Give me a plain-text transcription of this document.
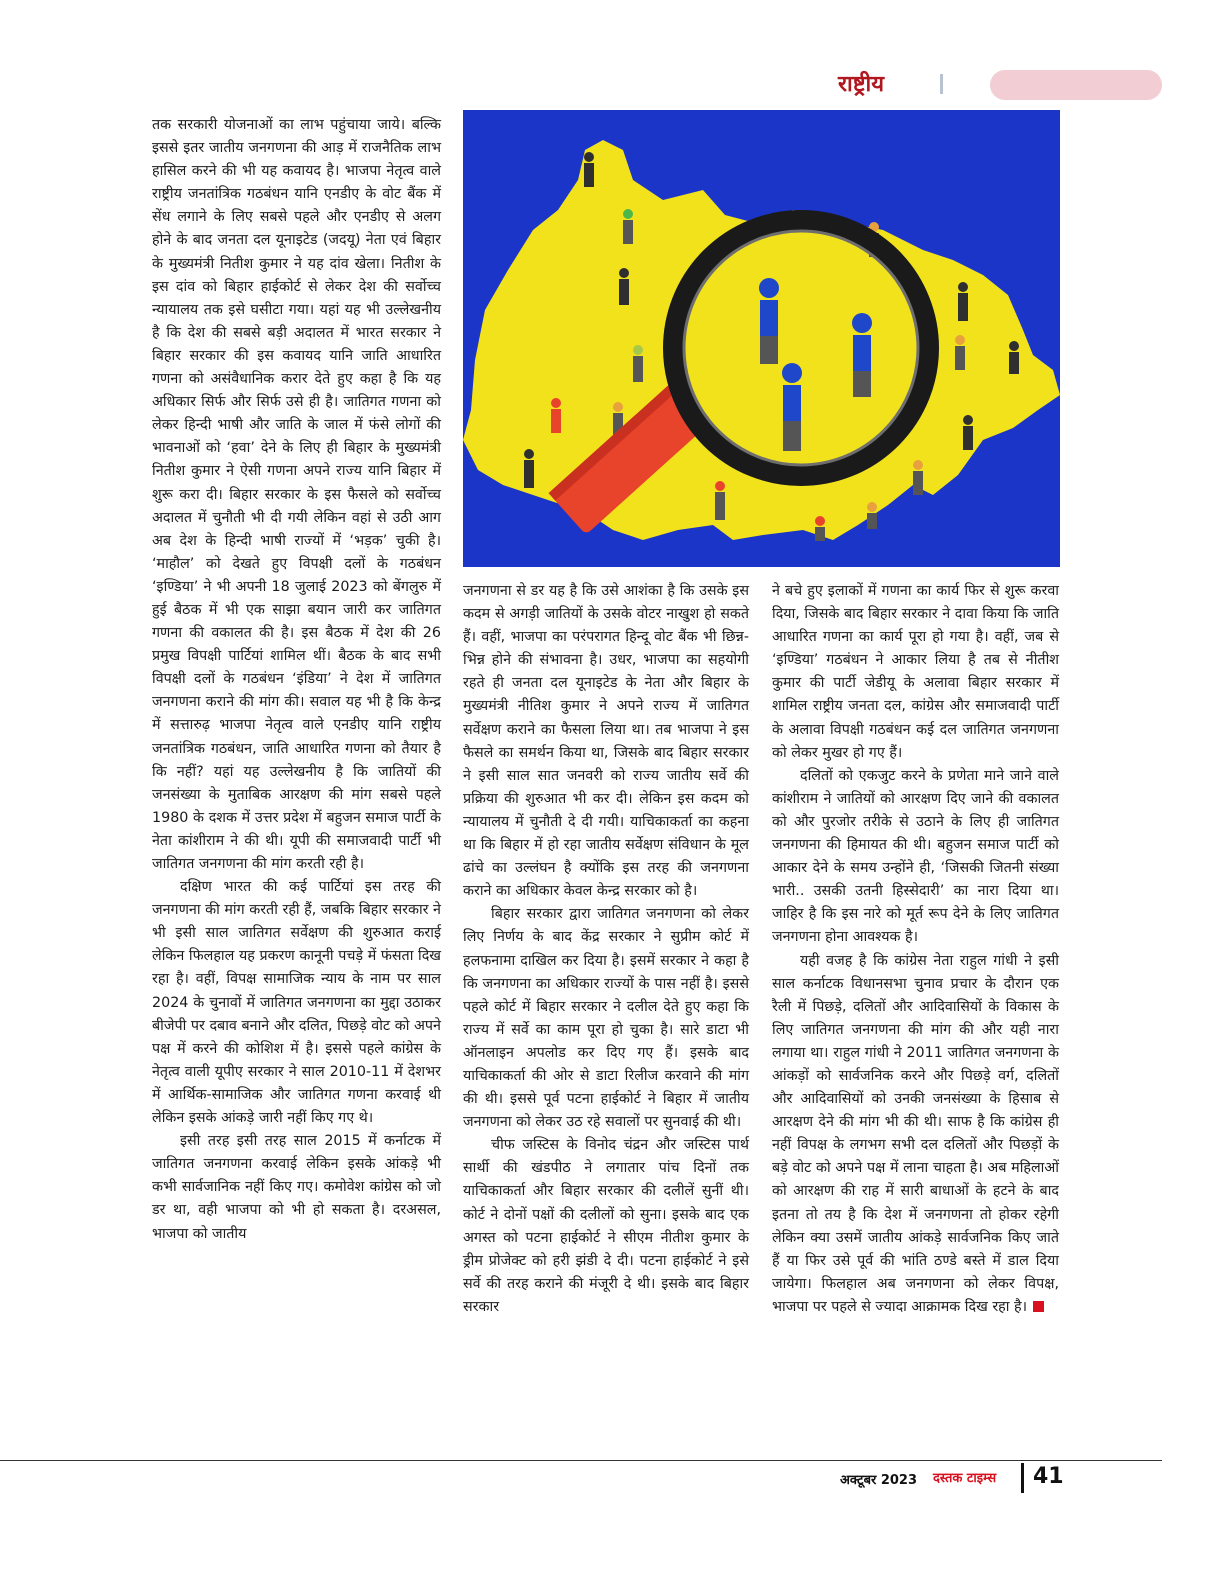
राष्ट्रीय

तक सरकारी योजनाओं का लाभ पहुंचाया जाये। बल्कि इससे इतर जातीय जनगणना की आड़ में राजनैतिक लाभ हासिल करने की भी यह कवायद है। भाजपा नेतृत्व वाले राष्ट्रीय जनतांत्रिक गठबंधन यानि एनडीए के वोट बैंक में सेंध लगाने के लिए सबसे पहले और एनडीए से अलग होने के बाद जनता दल यूनाइटेड (जदयू) नेता एवं बिहार के मुख्यमंत्री नितीश कुमार ने यह दांव खेला। नितीश के इस दांव को बिहार हाईकोर्ट से लेकर देश की सर्वोच्च न्यायालय तक इसे घसीटा गया। यहां यह भी उल्लेखनीय है कि देश की सबसे बड़ी अदालत में भारत सरकार ने बिहार सरकार की इस कवायद यानि जाति आधारित गणना को असंवैधानिक करार देते हुए कहा है कि यह अधिकार सिर्फ और सिर्फ उसे ही है। जातिगत गणना को लेकर हिन्दी भाषी और जाति के जाल में फंसे लोगों की भावनाओं को ‘हवा’ देने के लिए ही बिहार के मुख्यमंत्री नितीश कुमार ने ऐसी गणना अपने राज्य यानि बिहार में शुरू करा दी। बिहार सरकार के इस फैसले को सर्वोच्च अदालत में चुनौती भी दी गयी लेकिन वहां से उठी आग अब देश के हिन्दी भाषी राज्यों में ‘भड़क’ चुकी है। ‘माहौल’ को देखते हुए विपक्षी दलों के गठबंधन ‘इण्डिया’ ने भी अपनी 18 जुलाई 2023 को बेंगलुरु में हुई बैठक में भी एक साझा बयान जारी कर जातिगत गणना की वकालत की है। इस बैठक में देश की 26 प्रमुख विपक्षी पार्टियां शामिल थीं। बैठक के बाद सभी विपक्षी दलों के गठबंधन ‘इंडिया’ ने देश में जातिगत जनगणना कराने की मांग की। सवाल यह भी है कि केन्द्र में सत्तारुढ़ भाजपा नेतृत्व वाले एनडीए यानि राष्ट्रीय जनतांत्रिक गठबंधन, जाति आधारित गणना को तैयार है कि नहीं? यहां यह उल्लेखनीय है कि जातियों की जनसंख्या के मुताबिक आरक्षण की मांग सबसे पहले 1980 के दशक में उत्तर प्रदेश में बहुजन समाज पार्टी के नेता कांशीराम ने की थी। यूपी की समाजवादी पार्टी भी जातिगत जनगणना की मांग करती रही है।

दक्षिण भारत की कई पार्टियां इस तरह की जनगणना की मांग करती रही हैं, जबकि बिहार सरकार ने भी इसी साल जातिगत सर्वेक्षण की शुरुआत कराई लेकिन फिलहाल यह प्रकरण कानूनी पचड़े में फंसता दिख रहा है। वहीं, विपक्ष सामाजिक न्याय के नाम पर साल 2024 के चुनावों में जातिगत जनगणना का मुद्दा उठाकर बीजेपी पर दबाव बनाने और दलित, पिछड़े वोट को अपने पक्ष में करने की कोशिश में है। इससे पहले कांग्रेस के नेतृत्व वाली यूपीए सरकार ने साल 2010-11 में देशभर में आर्थिक-सामाजिक और जातिगत गणना करवाई थी लेकिन इसके आंकड़े जारी नहीं किए गए थे।

इसी तरह इसी तरह साल 2015 में कर्नाटक में जातिगत जनगणना करवाई लेकिन इसके आंकड़े भी कभी सार्वजानिक नहीं किए गए। कमोवेश कांग्रेस को जो डर था, वही भाजपा को भी हो सकता है। दरअसल, भाजपा को जातीय

जनगणना से डर यह है कि उसे आशंका है कि उसके इस कदम से अगड़ी जातियों के उसके वोटर नाखुश हो सकते हैं। वहीं, भाजपा का परंपरागत हिन्दू वोट बैंक भी छिन्न-भिन्न होने की संभावना है। उधर, भाजपा का सहयोगी रहते ही जनता दल यूनाइटेड के नेता और बिहार के मुख्यमंत्री नीतिश कुमार ने अपने राज्य में जातिगत सर्वेक्षण कराने का फैसला लिया था। तब भाजपा ने इस फैसले का समर्थन किया था, जिसके बाद बिहार सरकार ने इसी साल सात जनवरी को राज्य जातीय सर्वे की प्रक्रिया की शुरुआत भी कर दी। लेकिन इस कदम को न्यायालय में चुनौती दे दी गयी। याचिकाकर्ता का कहना था कि बिहार में हो रहा जातीय सर्वेक्षण संविधान के मूल ढांचे का उल्लंघन है क्योंकि इस तरह की जनगणना कराने का अधिकार केवल केन्द्र सरकार को है।

बिहार सरकार द्वारा जातिगत जनगणना को लेकर लिए निर्णय के बाद केंद्र सरकार ने सुप्रीम कोर्ट में हलफनामा दाखिल कर दिया है। इसमें सरकार ने कहा है कि जनगणना का अधिकार राज्यों के पास नहीं है। इससे पहले कोर्ट में बिहार सरकार ने दलील देते हुए कहा कि राज्य में सर्वे का काम पूरा हो चुका है। सारे डाटा भी ऑनलाइन अपलोड कर दिए गए हैं। इसके बाद याचिकाकर्ता की ओर से डाटा रिलीज करवाने की मांग की थी। इससे पूर्व पटना हाईकोर्ट ने बिहार में जातीय जनगणना को लेकर उठ रहे सवालों पर सुनवाई की थी।

चीफ जस्टिस के विनोद चंद्रन और जस्टिस पार्थ सार्थी की खंडपीठ ने लगातार पांच दिनों तक याचिकाकर्ता और बिहार सरकार की दलीलें सुनीं थी। कोर्ट ने दोनों पक्षों की दलीलों को सुना। इसके बाद एक अगस्त को पटना हाईकोर्ट ने सीएम नीतीश कुमार के ड्रीम प्रोजेक्ट को हरी झंडी दे दी। पटना हाईकोर्ट ने इसे सर्वे की तरह कराने की मंजूरी दे थी। इसके बाद बिहार सरकार

ने बचे हुए इलाकों में गणना का कार्य फिर से शुरू करवा दिया, जिसके बाद बिहार सरकार ने दावा किया कि जाति आधारित गणना का कार्य पूरा हो गया है। वहीं, जब से ‘इण्डिया’ गठबंधन ने आकार लिया है तब से नीतीश कुमार की पार्टी जेडीयू के अलावा बिहार सरकार में शामिल राष्ट्रीय जनता दल, कांग्रेस और समाजवादी पार्टी के अलावा विपक्षी गठबंधन कई दल जातिगत जनगणना को लेकर मुखर हो गए हैं।

दलितों को एकजुट करने के प्रणेता माने जाने वाले कांशीराम ने जातियों को आरक्षण दिए जाने की वकालत को और पुरजोर तरीके से उठाने के लिए ही जातिगत जनगणना की हिमायत की थी। बहुजन समाज पार्टी को आकार देने के समय उन्होंने ही, ‘जिसकी जितनी संख्या भारी.. उसकी उतनी हिस्सेदारी’ का नारा दिया था। जाहिर है कि इस नारे को मूर्त रूप देने के लिए जातिगत जनगणना होना आवश्यक है।

यही वजह है कि कांग्रेस नेता राहुल गांधी ने इसी साल कर्नाटक विधानसभा चुनाव प्रचार के दौरान एक रैली में पिछड़े, दलितों और आदिवासियों के विकास के लिए जातिगत जनगणना की मांग की और यही नारा लगाया था। राहुल गांधी ने 2011 जातिगत जनगणना के आंकड़ों को सार्वजनिक करने और पिछड़े वर्ग, दलितों और आदिवासियों को उनकी जनसंख्या के हिसाब से आरक्षण देने की मांग भी की थी। साफ है कि कांग्रेस ही नहीं विपक्ष के लगभग सभी दल दलितों और पिछड़ों के बड़े वोट को अपने पक्ष में लाना चाहता है। अब महिलाओं को आरक्षण की राह में सारी बाधाओं के हटने के बाद इतना तो तय है कि देश में जनगणना तो होकर रहेगी लेकिन क्या उसमें जातीय आंकड़े सार्वजनिक किए जाते हैं या फिर उसे पूर्व की भांति ठण्डे बस्ते में डाल दिया जायेगा। फिलहाल अब जनगणना को लेकर विपक्ष, भाजपा पर पहले से ज्यादा आक्रामक दिख रहा है।

अक्टूबर 2023 दस्तक टाइम्स 41
